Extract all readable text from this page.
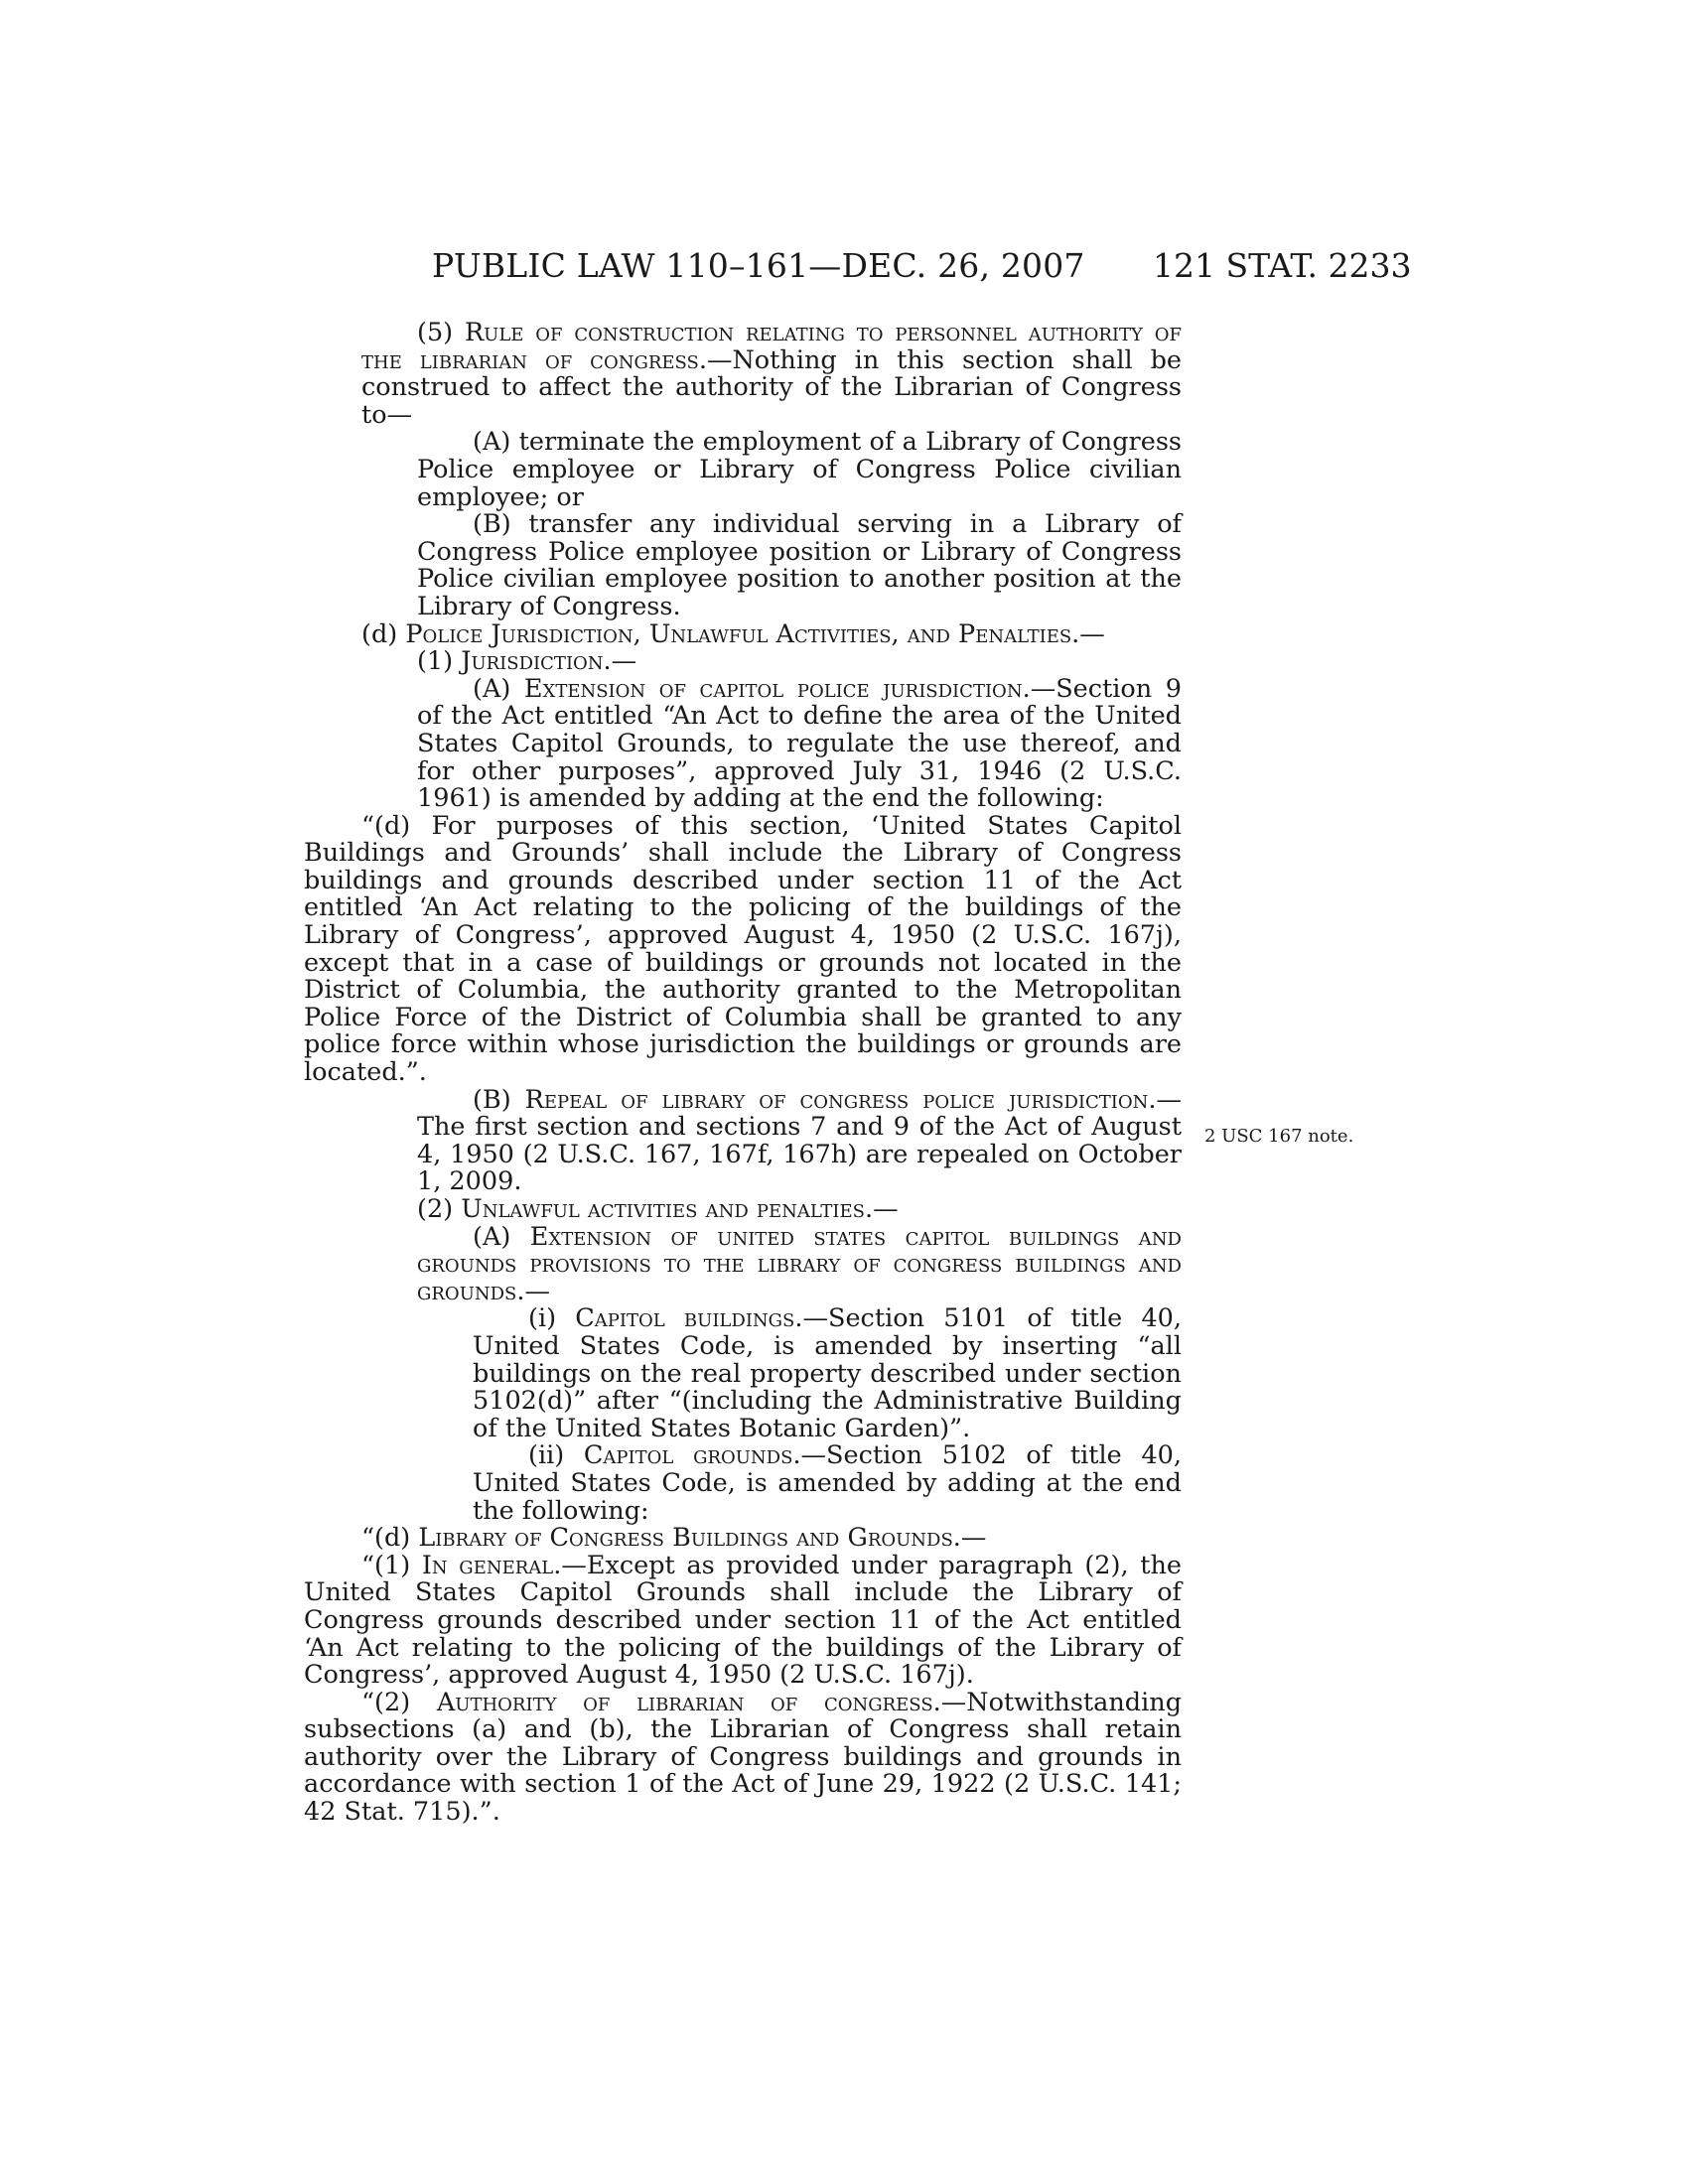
PUBLIC LAW 110–161—DEC. 26, 2007 121 STAT. 2233
2 USC 167 note.

(5) Rule of construction relating to personnel authority of the librarian of congress.—Nothing in this section shall be construed to affect the authority of the Librarian of Congress to—

(A) terminate the employment of a Library of Congress Police employee or Library of Congress Police civilian employee; or

(B) transfer any individual serving in a Library of Congress Police employee position or Library of Congress Police civilian employee position to another position at the Library of Congress.

(d) Police Jurisdiction, Unlawful Activities, and Penalties.—

(1) Jurisdiction.—

(A) Extension of capitol police jurisdiction.—Section 9 of the Act entitled “An Act to define the area of the United States Capitol Grounds, to regulate the use thereof, and for other purposes”, approved July 31, 1946 (2 U.S.C. 1961) is amended by adding at the end the following:

“(d) For purposes of this section, ‘United States Capitol Buildings and Grounds’ shall include the Library of Congress buildings and grounds described under section 11 of the Act entitled ‘An Act relating to the policing of the buildings of the Library of Congress’, approved August 4, 1950 (2 U.S.C. 167j), except that in a case of buildings or grounds not located in the District of Columbia, the authority granted to the Metropolitan Police Force of the District of Columbia shall be granted to any police force within whose jurisdiction the buildings or grounds are located.”.

(B) Repeal of library of congress police jurisdiction.—The first section and sections 7 and 9 of the Act of August 4, 1950 (2 U.S.C. 167, 167f, 167h) are repealed on October 1, 2009.

(2) Unlawful activities and penalties.—

(A) Extension of united states capitol buildings and grounds provisions to the library of congress buildings and grounds.—

(i) Capitol buildings.—Section 5101 of title 40, United States Code, is amended by inserting “all buildings on the real property described under section 5102(d)” after “(including the Administrative Building of the United States Botanic Garden)”.

(ii) Capitol grounds.—Section 5102 of title 40, United States Code, is amended by adding at the end the following:

“(d) Library of Congress Buildings and Grounds.—

“(1) In general.—Except as provided under paragraph (2), the United States Capitol Grounds shall include the Library of Congress grounds described under section 11 of the Act entitled ‘An Act relating to the policing of the buildings of the Library of Congress’, approved August 4, 1950 (2 U.S.C. 167j).

“(2) Authority of librarian of congress.—Notwithstanding subsections (a) and (b), the Librarian of Congress shall retain authority over the Library of Congress buildings and grounds in accordance with section 1 of the Act of June 29, 1922 (2 U.S.C. 141; 42 Stat. 715).”.
